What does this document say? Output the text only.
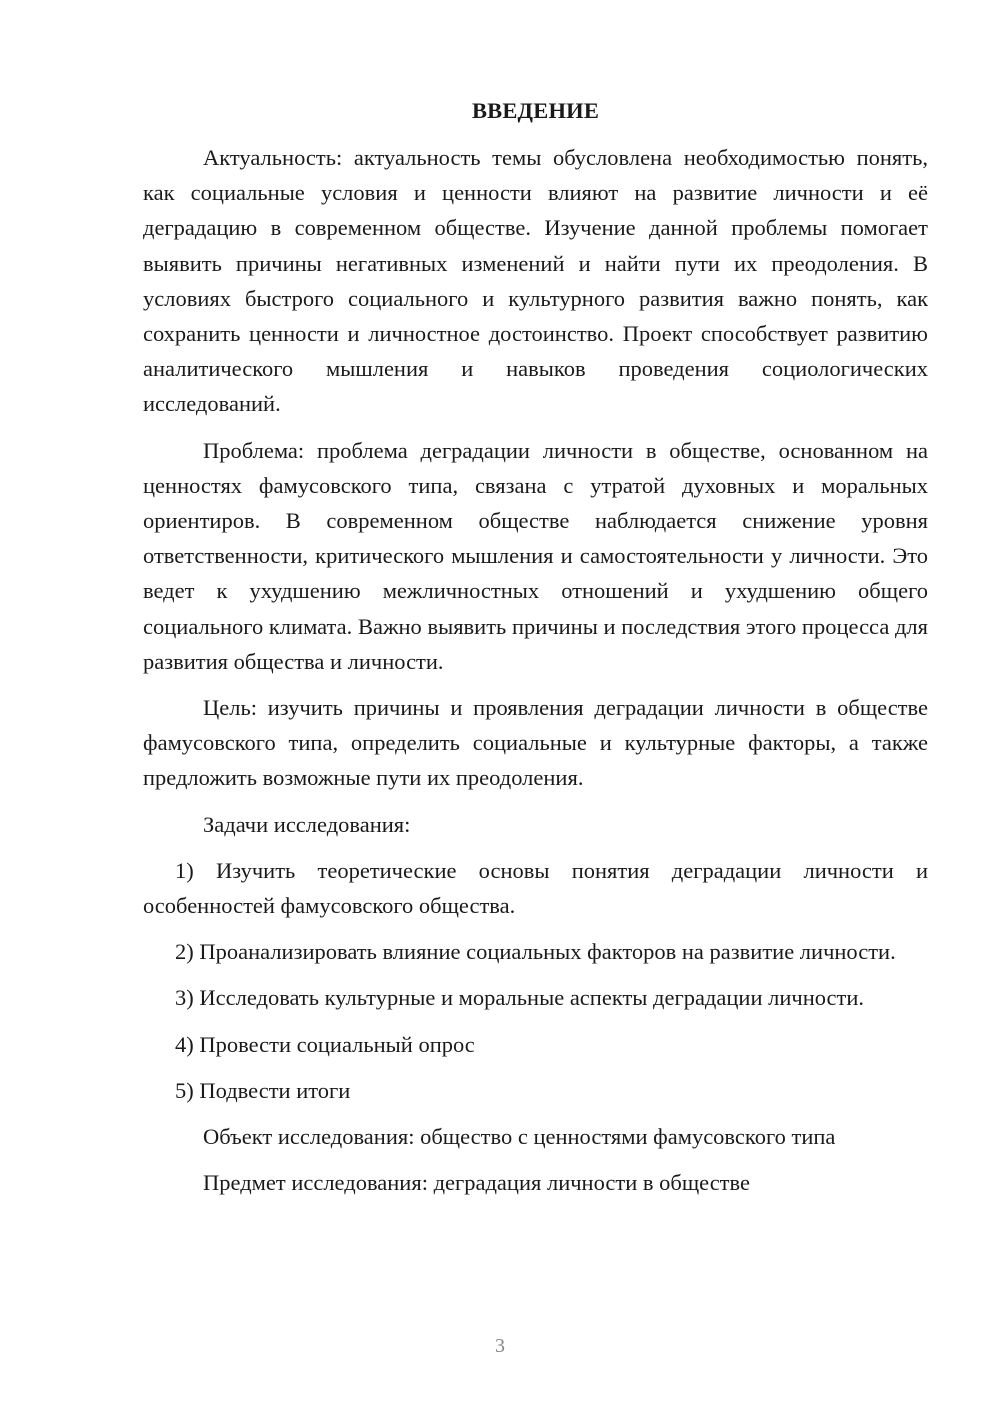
ВВЕДЕНИЕ

Актуальность: актуальность темы обусловлена необходимостью понять, как социальные условия и ценности влияют на развитие личности и её деградацию в современном обществе. Изучение данной проблемы помогает выявить причины негативных изменений и найти пути их преодоления. В условиях быстрого социального и культурного развития важно понять, как сохранить ценности и личностное достоинство. Проект способствует развитию аналитического мышления и навыков проведения социологических исследований.

Проблема: проблема деградации личности в обществе, основанном на ценностях фамусовского типа, связана с утратой духовных и моральных ориентиров. В современном обществе наблюдается снижение уровня ответственности, критического мышления и самостоятельности у личности. Это ведет к ухудшению межличностных отношений и ухудшению общего социального климата. Важно выявить причины и последствия этого процесса для развития общества и личности.

Цель: изучить причины и проявления деградации личности в обществе фамусовского типа, определить социальные и культурные факторы, а также предложить возможные пути их преодоления.

Задачи исследования:

1) Изучить теоретические основы понятия деградации личности и особенностей фамусовского общества.

2) Проанализировать влияние социальных факторов на развитие личности.

3) Исследовать культурные и моральные аспекты деградации личности.

4) Провести социальный опрос

5) Подвести итоги

Объект исследования: общество с ценностями фамусовского типа

Предмет исследования: деградация личности в обществе

3
